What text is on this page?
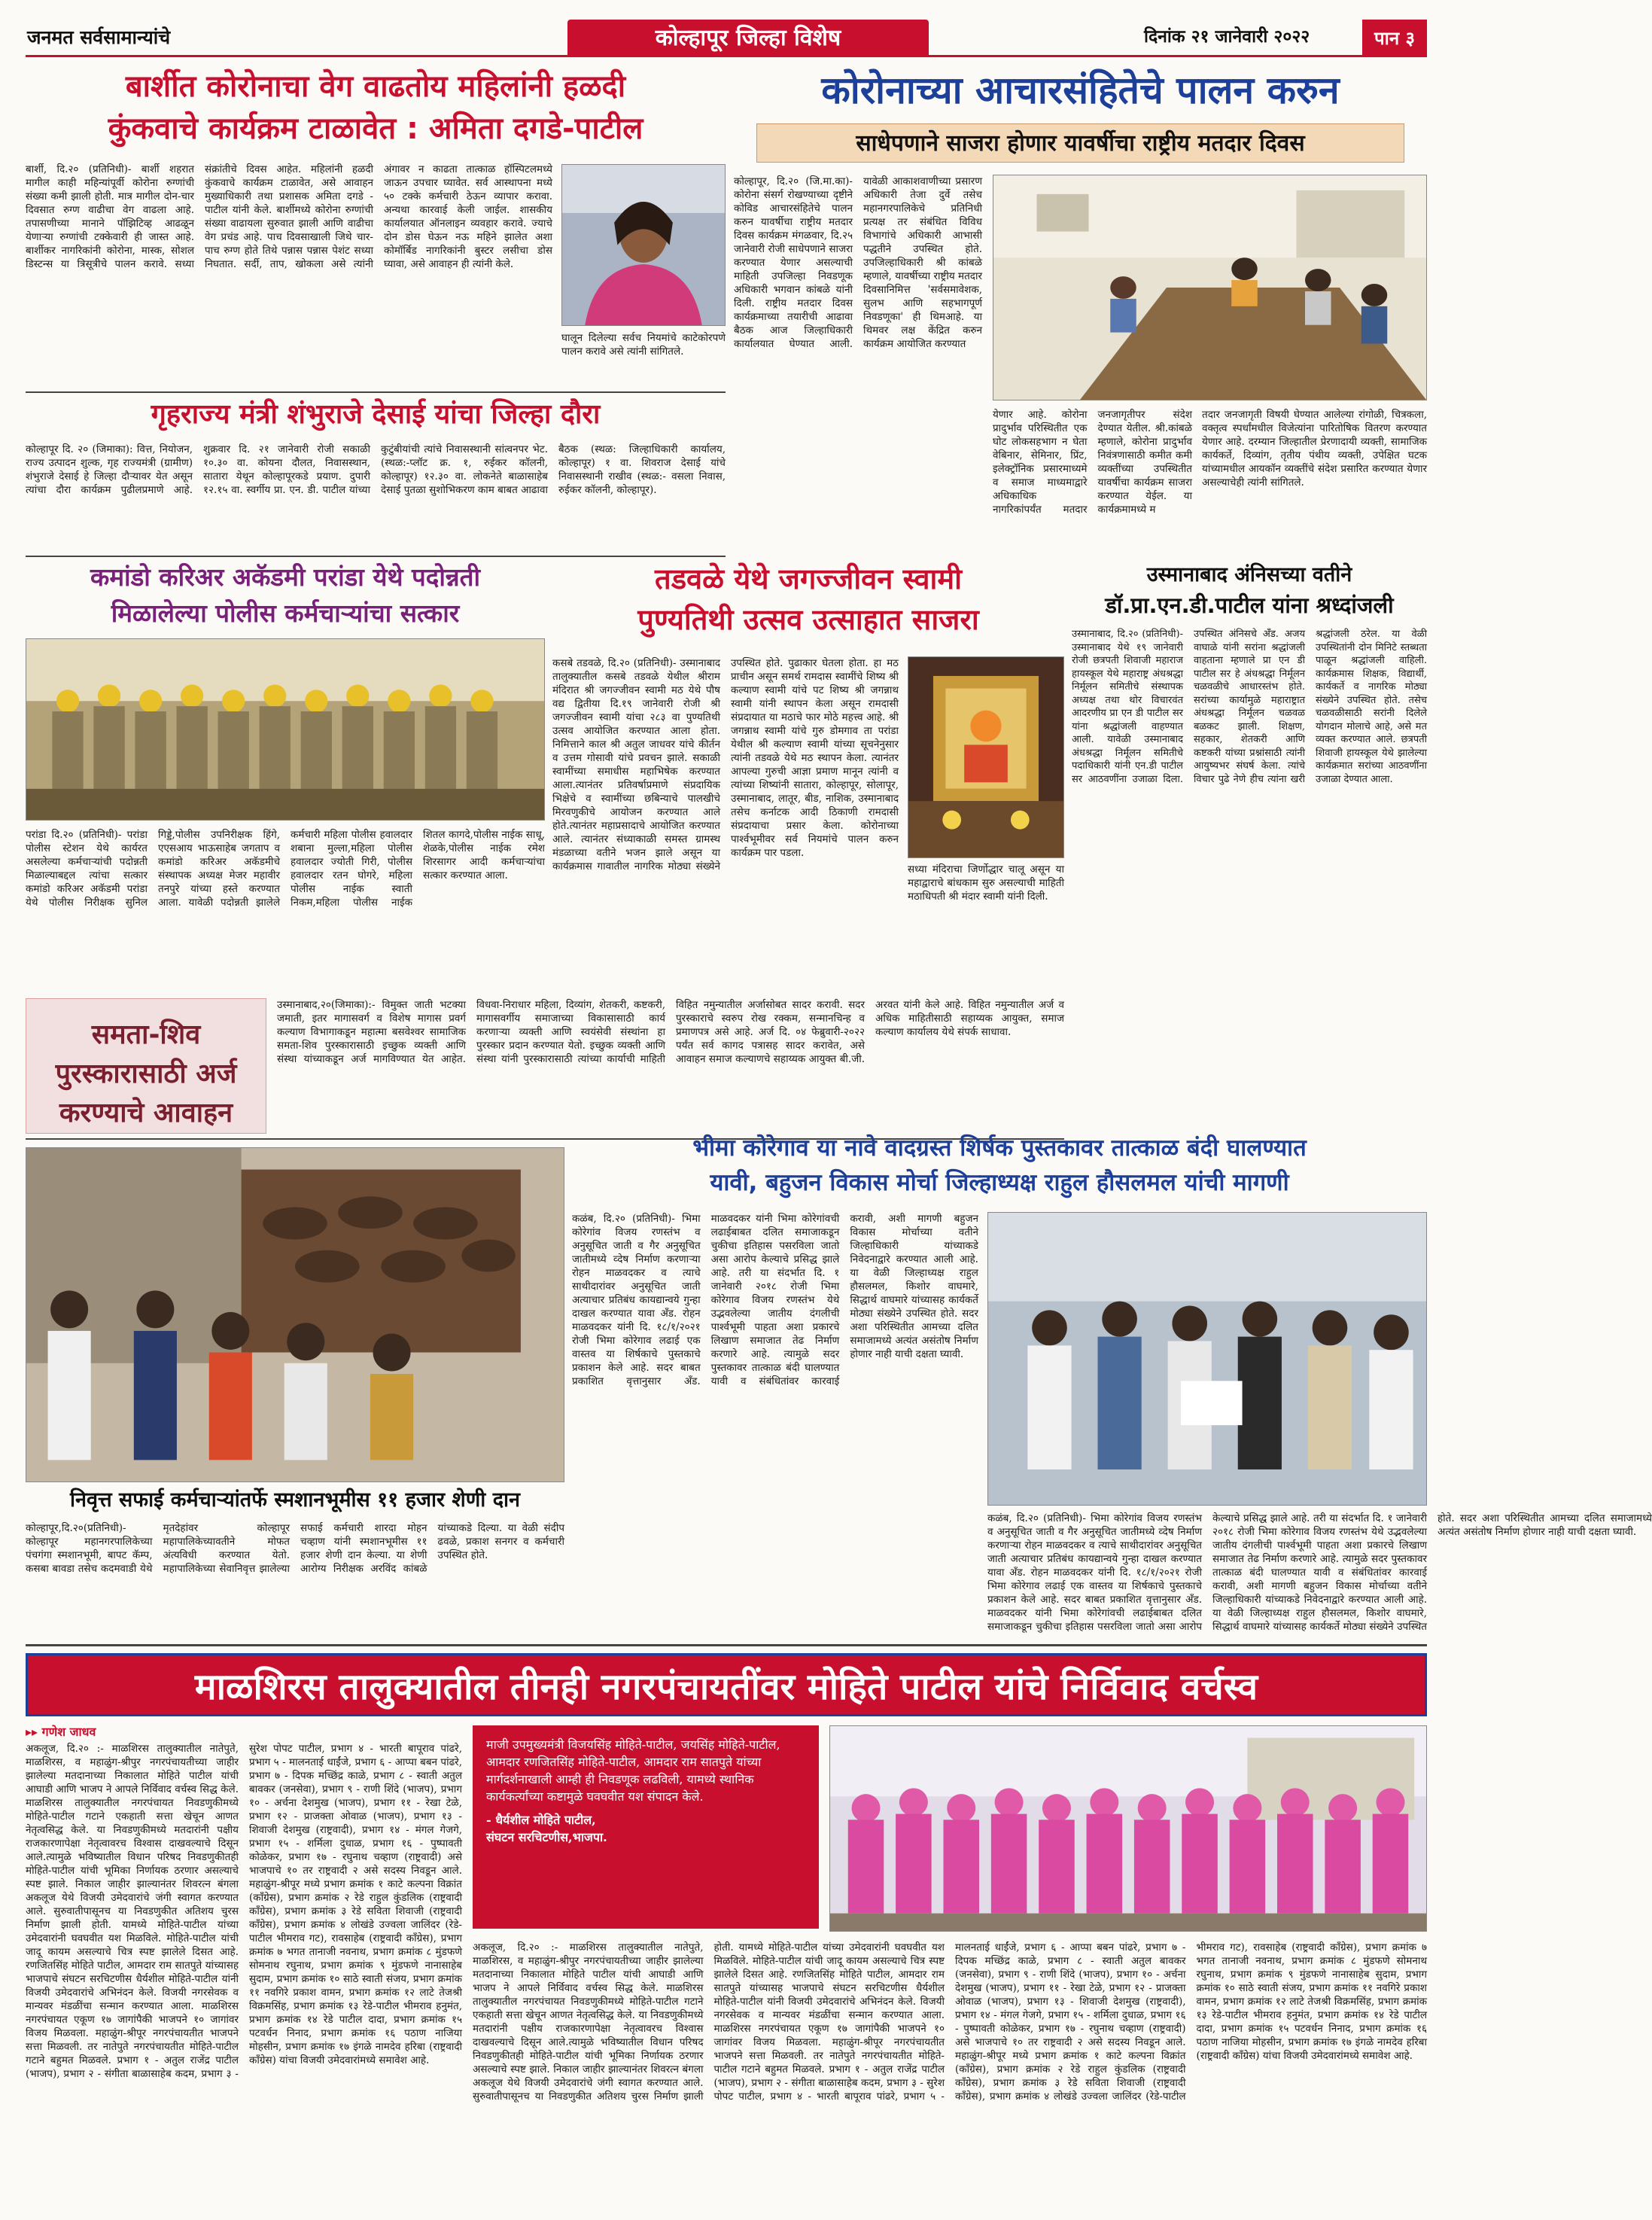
जनमत सर्वसामान्यांचे	कोल्हापूर जिल्हा विशेष	दिनांक २१ जानेवारी २०२२	पान ३
बार्शीत कोरोनाचा वेग वाढतोय महिलांनी हळदी
कुंकवाचे कार्यक्रम टाळावेत : अमिता दगडे-पाटील
बार्शी, दि.२० (प्रतिनिधी)- बार्शी शहरात मागील काही महिन्यांपूर्वी कोरोना रुग्णांची संख्या कमी झाली होती. मात्र मागील दोन-चार दिवसात रुग्ण वाढीचा वेग वाढला आहे. तपासणीच्या मानाने पॉझिटिव्ह आढळून येणाऱ्या रुग्णांची टक्केवारी ही जास्त आहे. बार्शीकर नागरिकांनी कोरोना, मास्क, सोशल डिस्टन्स या त्रिसूत्रीचे पालन करावे. सध्या संक्रांतीचे दिवस आहेत. महिलांनी हळदी कुंकवाचे कार्यक्रम टाळावेत, असे आवाहन मुख्याधिकारी तथा प्रशासक अमिता दगडे - पाटील यांनी केले. बार्शीमध्ये कोरोना रुग्णांची संख्या वाढायला सुरुवात झाली आणि वाढीचा वेग प्रचंड आहे. पाच दिवसाखाली जिथे चार-पाच रुग्ण होते तिथे पन्नास पन्नास पेशंट सध्या निघतात. सर्दी, ताप, खोकला असे त्यांनी अंगावर न काढता तात्काळ हॉस्पिटलमध्ये जाऊन उपचार घ्यावेत. सर्व आस्थापना मध्ये ५० टक्के कर्मचारी ठेऊन व्यापार करावा. अन्यथा कारवाई केली जाईल. शासकीय कार्यालयात ऑनलाइन व्यवहार करावे. ज्याचे दोन डोस घेऊन नऊ महिने झालेत अशा कोमॉर्बिड नागरिकांनी बुस्टर लसीचा डोस घ्यावा, असे आवाहन ही त्यांनी केले.
घालून दिलेल्या सर्वच नियमांचे काटेकोरपणे पालन करावे असे त्यांनी सांगितले.
गृहराज्य मंत्री शंभुराजे देसाई यांचा जिल्हा दौरा
कोल्हापूर दि. २० (जिमाका): वित्त, नियोजन, राज्य उत्पादन शुल्क, गृह राज्यमंत्री (ग्रामीण) शंभुराजे देसाई हे जिल्हा दौऱ्यावर येत असून त्यांचा दौरा कार्यक्रम पुढीलप्रमाणे आहे. शुक्रवार दि. २१ जानेवारी रोजी सकाळी १०.३० वा. कोयना दौलत, निवासस्थान, सातारा येथून कोल्हापूरकडे प्रयाण. दुपारी १२.१५ वा. स्वर्गीय प्रा. एन. डी. पाटील यांच्या कुटुंबीयांची त्यांचे निवासस्थानी सांत्वनपर भेट. (स्थळ:-प्लॉट क्र. १, रुईकर कॉलनी, कोल्हापूर) १२.३० वा. लोकनेते बाळासाहेब देसाई पुतळा सुशोभिकरण काम बाबत आढावा बैठक (स्थळ: जिल्हाधिकारी कार्यालय, कोल्हापूर) १ वा. शिवराज देसाई यांचे निवासस्थानी राखीव (स्थळ:- वसला निवास, रुईकर कॉलनी, कोल्हापूर).
कोरोनाच्या आचारसंहितेचे पालन करुन
साधेपणाने साजरा होणार यावर्षीचा राष्ट्रीय मतदार दिवस
कोल्हापूर, दि.२० (जि.मा.का)- कोरोना संसर्ग रोखण्याच्या दृष्टीने कोविड आचारसंहितेचे पालन करुन यावर्षीचा राष्ट्रीय मतदार दिवस कार्यक्रम मंगळवार, दि.२५ जानेवारी रोजी साधेपणाने साजरा करण्यात येणार असल्याची माहिती उपजिल्हा निवडणूक अधिकारी भगवान कांबळे यांनी दिली. राष्ट्रीय मतदार दिवस कार्यक्रमाच्या तयारीची आढावा बैठक आज जिल्हाधिकारी कार्यालयात घेण्यात आली. यावेळी आकाशवाणीच्या प्रसारण अधिकारी तेजा दुर्वे तसेच महानगरपालिकेचे प्रतिनिधी प्रत्यक्ष तर संबंधित विविध विभागांचे अधिकारी आभासी पद्धतीने उपस्थित होते. उपजिल्हाधिकारी श्री कांबळे म्हणाले, यावर्षीच्या राष्ट्रीय मतदार दिवसानिमित्त 'सर्वसमावेशक, सुलभ आणि सहभागपूर्ण निवडणूका' ही थिमआहे. या थिमवर लक्ष केंद्रित करुन कार्यक्रम आयोजित करण्यात
येणार आहे. कोरोना प्रादुर्भाव परिस्थितीत एक घोट लोकसहभाग न घेता वेबिनार, सेमिनार, प्रिंट, इलेक्ट्रॉनिक प्रसारमाध्यमे व समाज माध्यमाद्वारे अधिकाधिक नागरिकांपर्यंत मतदार जनजागृतीपर संदेश देण्यात येतील. श्री.कांबळे म्हणाले, कोरोना प्रादुर्भाव निवंत्रणासाठी कमीत कमी व्यक्तींच्या उपस्थितीत यावर्षीचा कार्यक्रम साजरा करण्यात येईल. या कार्यक्रमामध्ये म
तदार जनजागृती विषयी घेण्यात आलेल्या रांगोळी, चित्रकला, वक्तृत्व स्पर्धांमधील विजेत्यांना पारितोषिक वितरण करण्यात येणार आहे. दरम्यान जिल्हातील प्रेरणादायी व्यक्ती, सामाजिक कार्यकर्ते, दिव्यांग, तृतीय पंथीय व्यक्ती, उपेक्षित घटक यांच्यामधील आयकॉन व्यक्तींचे संदेश प्रसारित करण्यात येणार असल्याचेही त्यांनी सांगितले.
कमांडो करिअर अकॅडमी परांडा येथे पदोन्नती
मिळालेल्या पोलीस कर्मचाऱ्यांचा सत्कार
परांडा दि.२० (प्रतिनिधी)- परांडा पोलीस स्टेशन येथे कार्यरत असलेल्या कर्मचाऱ्यांची पदोन्नती मिळाल्याबद्दल त्यांचा सत्कार कमांडो करिअर अकॅडमी परांडा येथे पोलीस निरीक्षक सुनिल गिड्डे,पोलीस उपनिरीक्षक हिंगे, एएसआय भाऊसाहेब जगताप व कमांडो करिअर अकॅडमीचे संस्थापक अध्यक्ष मेजर महावीर तनपुरे यांच्या हस्ते करण्यात आला. यावेळी पदोन्नती झालेले कर्मचारी महिला पोलीस हवालदार शबाना मुल्ला,महिला पोलीस हवालदार ज्योती गिरी, पोलीस हवालदार रतन घोगरे, महिला पोलीस नाईक स्वाती निकम,महिला पोलीस नाईक शितल कागदे,पोलीस नाईक साधू, शेळके,पोलीस नाईक रमेश शिरसागर आदी कर्मचाऱ्यांचा सत्कार करण्यात आला.
तडवळे येथे जगज्जीवन स्वामी
पुण्यतिथी उत्सव उत्साहात साजरा
कसबे तडवळे, दि.२० (प्रतिनिधी)- उस्मानाबाद तालुक्यातील कसबे तडवळे येथील श्रीराम मंदिरात श्री जगज्जीवन स्वामी मठ येथे पौष वद्य द्वितीया दि.१९ जानेवारी रोजी श्री जगज्जीवन स्वामी यांचा २८३ वा पुण्यतिथी उत्सव आयोजित करण्यात आला होता. निमित्ताने काल श्री अतुल जाधवर यांचे कीर्तन व उत्तम गोसावी यांचे प्रवचन झाले. सकाळी स्वामींच्या समाधीस महाभिषेक करण्यात आला.त्यानंतर प्रतिवर्षाप्रमाणे संप्रदायिक भिक्षेचे व स्वामींच्या छबिन्याचे पालखीचे मिरवणुकीचे आयोजन करण्यात आले होते.त्यानंतर महाप्रसादाचे आयोजित करण्यात आले. त्यानंतर संध्याकाळी समस्त ग्रामस्थ मंडळाच्या वतीने भजन झाले असून या कार्यक्रमास गावातील नागरिक मोठ्या संख्येने उपस्थित होते. पुढाकार घेतला होता. हा मठ प्राचीन असून समर्थ रामदास स्वामींचे शिष्य श्री कल्याण स्वामी यांचे पट शिष्य श्री जगन्नाथ स्वामी यांनी स्थापन केला असून रामदासी संप्रदायात या मठाचे फार मोठे महत्त्व आहे. श्री जगन्नाथ स्वामी यांचे गुरु डोमगाव ता परांडा येथील श्री कल्याण स्वामी यांच्या सूचनेनुसार त्यांनी तडवळे येथे मठ स्थापन केला. त्यानंतर आपल्या गुरुची आज्ञा प्रमाण मानून त्यांनी व त्यांच्या शिष्यांनी सातारा, कोल्हापूर, सोलापूर, उस्मानाबाद, लातूर, बीड, नाशिक, उस्मानाबाद तसेच कर्नाटक आदी ठिकाणी रामदासी संप्रदायाचा प्रसार केला. कोरोनाच्या पार्श्वभूमीवर सर्व नियमांचे पालन करुन कार्यक्रम पार पडला.
सध्या मंदिराचा जिर्णोद्धार चालू असून या महाद्वाराचे बांधकाम सुरु असल्याची माहिती मठाधिपती श्री मंदार स्वामी यांनी दिली.
उस्मानाबाद अंनिसच्या वतीने
डॉ.प्रा.एन.डी.पाटील यांना श्रध्दांजली
उस्मानाबाद, दि.२० (प्रतिनिधी)- उस्मानाबाद येथे १९ जानेवारी रोजी छत्रपती शिवाजी महाराज हायस्कूल येथे महाराष्ट्र अंधश्रद्धा निर्मूलन समितीचे संस्थापक अध्यक्ष तथा थोर विचारवंत आदरणीय प्रा एन डी पाटील सर यांना श्रद्धांजली वाहण्यात आली. यावेळी उस्मानाबाद अंधश्रद्धा निर्मूलन समितीचे पदाधिकारी यांनी एन.डी पाटील सर आठवणींना उजाळा दिला. उपस्थित अंनिसचे अँड. अजय वाघाळे यांनी सरांना श्रद्धांजली वाहताना म्हणाले प्रा एन डी पाटील सर हे अंधश्रद्धा निर्मूलन चळवळीचे आधारस्तंभ होते. सरांच्या कार्यामुळे महाराष्ट्रात अंधश्रद्धा निर्मूलन चळवळ बळकट झाली. शिक्षण, सहकार, शेतकरी आणि कष्टकरी यांच्या प्रश्नांसाठी त्यांनी आयुष्यभर संघर्ष केला. त्यांचे विचार पुढे नेणे हीच त्यांना खरी श्रद्धांजली ठरेल. या वेळी उपस्थितांनी दोन मिनिटे स्तब्धता पाळून श्रद्धांजली वाहिली. कार्यक्रमास शिक्षक, विद्यार्थी, कार्यकर्ते व नागरिक मोठ्या संख्येने उपस्थित होते. तसेच चळवळीसाठी सरांनी दिलेले योगदान मोलाचे आहे, असे मत व्यक्त करण्यात आले. छत्रपती शिवाजी हायस्कूल येथे झालेल्या कार्यक्रमात सरांच्या आठवणींना उजाळा देण्यात आला.
समता-शिव पुरस्कारासाठी अर्ज करण्याचे आवाहन
उस्मानाबाद,२०(जिमाका):- विमुक्त जाती भटक्या जमाती, इतर मागासवर्ग व विशेष मागास प्रवर्ग कल्याण विभागाकडून महात्मा बसवेश्वर सामाजिक समता-शिव पुरस्कारासाठी इच्छुक व्यक्ती आणि संस्था यांच्याकडून अर्ज मागविण्यात येत आहेत. विधवा-निराधार महिला, दिव्यांग, शेतकरी, कष्टकरी, मागासवर्गीय समाजाच्या विकासासाठी कार्य करणाऱ्या व्यक्ती आणि स्वयंसेवी संस्थांना हा पुरस्कार प्रदान करण्यात येतो. इच्छुक व्यक्ती आणि संस्था यांनी पुरस्कारासाठी त्यांच्या कार्याची माहिती विहित नमुन्यातील अर्जासोबत सादर करावी. सदर पुरस्काराचे स्वरुप रोख रक्कम, सन्मानचिन्ह व प्रमाणपत्र असे आहे. अर्ज दि. ०४ फेब्रुवारी-२०२२ पर्यंत सर्व कागद पत्रासह सादर करावेत, असे आवाहन समाज कल्याणचे सहाय्यक आयुक्त बी.जी. अरवत यांनी केले आहे. विहित नमुन्यातील अर्ज व अधिक माहितीसाठी सहाय्यक आयुक्त, समाज कल्याण कार्यालय येथे संपर्क साधावा.
भीमा कोरेगाव या नावे वादग्रस्त शिर्षक पुस्तकावर तात्काळ बंदी घालण्यात
यावी, बहुजन विकास मोर्चा जिल्हाध्यक्ष राहुल हौसलमल यांची मागणी
कळंब, दि.२० (प्रतिनिधी)- भिमा कोरेगांव विजय रणस्तंभ व अनुसूचित जाती व गैर अनुसूचित जातीमध्ये व्देष निर्माण करणाऱ्या रोहन माळवदकर व त्याचे साथीदारांवर अनुसूचित जाती अत्याचार प्रतिबंध कायद्यान्वये गुन्हा दाखल करण्यात यावा अँड. रोहन माळवदकर यांनी दि. १८/१/२०२१ रोजी भिमा कोरेगाव लढाई एक वास्तव या शिर्षकाचे पुस्तकाचे प्रकाशन केले आहे. सदर बाबत प्रकाशित वृत्तानुसार अँड. माळवदकर यांनी भिमा कोरेगांवची लढाईबाबत दलित समाजाकडून चुकीचा इतिहास पसरविला जातो असा आरोप केल्याचे प्रसिद्ध झाले आहे. तरी या संदर्भात दि. १ जानेवारी २०१८ रोजी भिमा कोरेगाव विजय रणस्तंभ येथे उद्भवलेल्या जातीय दंगलीची पार्श्वभूमी पाहता अशा प्रकारचे लिखाण समाजात तेढ निर्माण करणारे आहे. त्यामुळे सदर पुस्तकावर तात्काळ बंदी घालण्यात यावी व संबंधितांवर कारवाई करावी, अशी मागणी बहुजन विकास मोर्चाच्या वतीने जिल्हाधिकारी यांच्याकडे निवेदनाद्वारे करण्यात आली आहे. या वेळी जिल्हाध्यक्ष राहुल हौसलमल, किशोर वाघमारे, सिद्धार्थ वाघमारे यांच्यासह कार्यकर्ते मोठ्या संख्येने उपस्थित होते. सदर अशा परिस्थितीत आमच्या दलित समाजामध्ये अत्यंत असंतोष निर्माण होणार नाही याची दक्षता घ्यावी.
कळंब, दि.२० (प्रतिनिधी)- भिमा कोरेगांव विजय रणस्तंभ व अनुसूचित जाती व गैर अनुसूचित जातीमध्ये व्देष निर्माण करणाऱ्या रोहन माळवदकर व त्याचे साथीदारांवर अनुसूचित जाती अत्याचार प्रतिबंध कायद्यान्वये गुन्हा दाखल करण्यात यावा अँड. रोहन माळवदकर यांनी दि. १८/१/२०२१ रोजी भिमा कोरेगाव लढाई एक वास्तव या शिर्षकाचे पुस्तकाचे प्रकाशन केले आहे. सदर बाबत प्रकाशित वृत्तानुसार अँड. माळवदकर यांनी भिमा कोरेगांवची लढाईबाबत दलित समाजाकडून चुकीचा इतिहास पसरविला जातो असा आरोप केल्याचे प्रसिद्ध झाले आहे. तरी या संदर्भात दि. १ जानेवारी २०१८ रोजी भिमा कोरेगाव विजय रणस्तंभ येथे उद्भवलेल्या जातीय दंगलीची पार्श्वभूमी पाहता अशा प्रकारचे लिखाण समाजात तेढ निर्माण करणारे आहे. त्यामुळे सदर पुस्तकावर तात्काळ बंदी घालण्यात यावी व संबंधितांवर कारवाई करावी, अशी मागणी बहुजन विकास मोर्चाच्या वतीने जिल्हाधिकारी यांच्याकडे निवेदनाद्वारे करण्यात आली आहे. या वेळी जिल्हाध्यक्ष राहुल हौसलमल, किशोर वाघमारे, सिद्धार्थ वाघमारे यांच्यासह कार्यकर्ते मोठ्या संख्येने उपस्थित होते. सदर अशा परिस्थितीत आमच्या दलित समाजामध्ये अत्यंत असंतोष निर्माण होणार नाही याची दक्षता घ्यावी.
निवृत्त सफाई कर्मचाऱ्यांतर्फे स्मशानभूमीस ११ हजार शेणी दान
कोल्हापूर,दि.२०(प्रतिनिधी)- कोल्हापूर महानगरपालिकेच्या पंचगंगा स्मशानभूमी, बापट कॅम्प, कसबा बावडा तसेच कदमवाडी येथे मृतदेहांवर कोल्हापूर महापालिकेच्यावतीने मोफत अंत्यविधी करण्यात येतो. महापालिकेच्या सेवानिवृत्त झालेल्या सफाई कर्मचारी शारदा मोहन चव्हाण यांनी स्मशानभूमीस ११ हजार शेणी दान केल्या. या शेणी आरोग्य निरीक्षक अरविंद कांबळे यांच्याकडे दिल्या. या वेळी संदीप ढवळे, प्रकाश सनगर व कर्मचारी उपस्थित होते.
माळशिरस तालुक्यातील तीनही नगरपंचायतींवर मोहिते पाटील यांचे निर्विवाद वर्चस्व
▸▸ गणेश जाधव
अकलूज, दि.२० :- माळशिरस तालुक्यातील नातेपुते, माळशिरस, व महाळुंग-श्रीपुर नगरपंचायतीच्या जाहीर झालेल्या मतदानाच्या निकालात मोहिते पाटील यांची आघाडी आणि भाजप ने आपले निर्विवाद वर्चस्व सिद्ध केले. माळशिरस तालुक्यातील नगरपंचायत निवडणुकीमध्ये मोहिते-पाटील गटाने एकहाती सत्ता खेचून आणत नेतृत्वसिद्ध केले. या निवडणुकीमध्ये मतदारांनी पक्षीय राजकारणापेक्षा नेतृत्वावरच विश्वास दाखवल्याचे दिसून आले.त्यामुळे भविष्यातील विधान परिषद निवडणुकीतही मोहिते-पाटील यांची भूमिका निर्णायक ठरणार असल्याचे स्पष्ट झाले. निकाल जाहीर झाल्यानंतर शिवरत्न बंगला अकलूज येथे विजयी उमेदवारांचे जंगी स्वागत करण्यात आले. सुरुवातीपासूनच या निवडणुकीत अतिशय चुरस निर्माण झाली होती. यामध्ये मोहिते-पाटील यांच्या उमेदवारांनी घवघवीत यश मिळविले. मोहिते-पाटील यांची जादू कायम असल्याचे चित्र स्पष्ट झालेले दिसत आहे. रणजितसिंह मोहिते पाटील, आमदार राम सातपुते यांच्यासह भाजपाचे संघटन सरचिटणीस धैर्यशील मोहिते-पाटील यांनी विजयी उमेदवारांचे अभिनंदन केले. विजयी नगरसेवक व मान्यवर मंडळींचा सन्मान करण्यात आला. माळशिरस नगरपंचायत एकूण १७ जागांपैकी भाजपने १० जागांवर विजय मिळवला. महाळुंग-श्रीपूर नगरपंचायतीत भाजपने सत्ता मिळवली. तर नातेपुते नगरपंचायतीत मोहिते-पाटील गटाने बहुमत मिळवले. प्रभाग १ - अतुल राजेंद्र पाटील (भाजप), प्रभाग २ - संगीता बाळासाहेब कदम, प्रभाग ३ - सुरेश पोपट पाटील, प्रभाग ४ - भारती बापूराव पांढरे, प्रभाग ५ - मालनताई धाईंजे, प्रभाग ६ - आप्पा बबन पांढरे, प्रभाग ७ - दिपक मच्छिंद्र काळे, प्रभाग ८ - स्वाती अतुल बावकर (जनसेवा), प्रभाग ९ - राणी शिंदे (भाजप), प्रभाग १० - अर्चना देशमुख (भाजप), प्रभाग ११ - रेखा टेळे, प्रभाग १२ - प्राजक्ता ओवाळ (भाजप), प्रभाग १३ - शिवाजी देशमुख (राष्ट्रवादी), प्रभाग १४ - मंगल गेजगे, प्रभाग १५ - शर्मिला दुधाळ, प्रभाग १६ - पुष्पावती कोळेकर, प्रभाग १७ - रघुनाथ चव्हाण (राष्ट्रवादी) असे भाजपाचे १० तर राष्ट्रवादी २ असे सदस्य निवडून आले. महाळुंग-श्रीपूर मध्ये प्रभाग क्रमांक १ काटे कल्पना विक्रांत (कॉंग्रेस), प्रभाग क्रमांक २ रेडे राहुल कुंडलिक (राष्ट्रवादी काँग्रेस), प्रभाग क्रमांक ३ रेडे सविता शिवाजी (राष्ट्रवादी कॉंग्रेस), प्रभाग क्रमांक ४ लोखंडे उज्वला जालिंदर (रेडे-पाटील भीमराव गट), रावसाहेब (राष्ट्रवादी काँग्रेस), प्रभाग क्रमांक ७ भगत तानाजी नवनाथ, प्रभाग क्रमांक ८ मुंडफणे सोमनाथ रघुनाथ, प्रभाग क्रमांक ९ मुंडफणे नानासाहेब सुदाम, प्रभाग क्रमांक १० साठे स्वाती संजय, प्रभाग क्रमांक ११ नवगिरे प्रकाश वामन, प्रभाग क्रमांक १२ लाटे तेजश्री विक्रमसिंह, प्रभाग क्रमांक १३ रेडे-पाटील भीमराव हनुमंत, प्रभाग क्रमांक १४ रेडे पाटील दादा, प्रभाग क्रमांक १५ पटवर्धन निनाद, प्रभाग क्रमांक १६ पठाण नाजिया मोहसीन, प्रभाग क्रमांक १७ इंगळे नामदेव हरिबा (राष्ट्रवादी काँग्रेस) यांचा विजयी उमेदवारांमध्ये समावेश आहे.
माजी उपमुख्यमंत्री विजयसिंह मोहिते-पाटील, जयसिंह मोहिते-पाटील, आमदार रणजितसिंह मोहिते-पाटील, आमदार राम सातपुते यांच्या मार्गदर्शनाखाली आम्ही ही निवडणूक लढविली, यामध्ये स्थानिक कार्यकर्त्यांच्या कष्टामुळे घवघवीत यश संपादन केले.
- धैर्यशील मोहिते पाटील,
संघटन सरचिटणीस,भाजपा.
अकलूज, दि.२० :- माळशिरस तालुक्यातील नातेपुते, माळशिरस, व महाळुंग-श्रीपुर नगरपंचायतीच्या जाहीर झालेल्या मतदानाच्या निकालात मोहिते पाटील यांची आघाडी आणि भाजप ने आपले निर्विवाद वर्चस्व सिद्ध केले. माळशिरस तालुक्यातील नगरपंचायत निवडणुकीमध्ये मोहिते-पाटील गटाने एकहाती सत्ता खेचून आणत नेतृत्वसिद्ध केले. या निवडणुकीमध्ये मतदारांनी पक्षीय राजकारणापेक्षा नेतृत्वावरच विश्वास दाखवल्याचे दिसून आले.त्यामुळे भविष्यातील विधान परिषद निवडणुकीतही मोहिते-पाटील यांची भूमिका निर्णायक ठरणार असल्याचे स्पष्ट झाले. निकाल जाहीर झाल्यानंतर शिवरत्न बंगला अकलूज येथे विजयी उमेदवारांचे जंगी स्वागत करण्यात आले. सुरुवातीपासूनच या निवडणुकीत अतिशय चुरस निर्माण झाली होती. यामध्ये मोहिते-पाटील यांच्या उमेदवारांनी घवघवीत यश मिळविले. मोहिते-पाटील यांची जादू कायम असल्याचे चित्र स्पष्ट झालेले दिसत आहे. रणजितसिंह मोहिते पाटील, आमदार राम सातपुते यांच्यासह भाजपाचे संघटन सरचिटणीस धैर्यशील मोहिते-पाटील यांनी विजयी उमेदवारांचे अभिनंदन केले. विजयी नगरसेवक व मान्यवर मंडळींचा सन्मान करण्यात आला. माळशिरस नगरपंचायत एकूण १७ जागांपैकी भाजपने १० जागांवर विजय मिळवला. महाळुंग-श्रीपूर नगरपंचायतीत भाजपने सत्ता मिळवली. तर नातेपुते नगरपंचायतीत मोहिते-पाटील गटाने बहुमत मिळवले. प्रभाग १ - अतुल राजेंद्र पाटील (भाजप), प्रभाग २ - संगीता बाळासाहेब कदम, प्रभाग ३ - सुरेश पोपट पाटील, प्रभाग ४ - भारती बापूराव पांढरे, प्रभाग ५ - मालनताई धाईंजे, प्रभाग ६ - आप्पा बबन पांढरे, प्रभाग ७ - दिपक मच्छिंद्र काळे, प्रभाग ८ - स्वाती अतुल बावकर (जनसेवा), प्रभाग ९ - राणी शिंदे (भाजप), प्रभाग १० - अर्चना देशमुख (भाजप), प्रभाग ११ - रेखा टेळे, प्रभाग १२ - प्राजक्ता ओवाळ (भाजप), प्रभाग १३ - शिवाजी देशमुख (राष्ट्रवादी), प्रभाग १४ - मंगल गेजगे, प्रभाग १५ - शर्मिला दुधाळ, प्रभाग १६ - पुष्पावती कोळेकर, प्रभाग १७ - रघुनाथ चव्हाण (राष्ट्रवादी) असे भाजपाचे १० तर राष्ट्रवादी २ असे सदस्य निवडून आले. महाळुंग-श्रीपूर मध्ये प्रभाग क्रमांक १ काटे कल्पना विक्रांत (कॉंग्रेस), प्रभाग क्रमांक २ रेडे राहुल कुंडलिक (राष्ट्रवादी काँग्रेस), प्रभाग क्रमांक ३ रेडे सविता शिवाजी (राष्ट्रवादी कॉंग्रेस), प्रभाग क्रमांक ४ लोखंडे उज्वला जालिंदर (रेडे-पाटील भीमराव गट), रावसाहेब (राष्ट्रवादी काँग्रेस), प्रभाग क्रमांक ७ भगत तानाजी नवनाथ, प्रभाग क्रमांक ८ मुंडफणे सोमनाथ रघुनाथ, प्रभाग क्रमांक ९ मुंडफणे नानासाहेब सुदाम, प्रभाग क्रमांक १० साठे स्वाती संजय, प्रभाग क्रमांक ११ नवगिरे प्रकाश वामन, प्रभाग क्रमांक १२ लाटे तेजश्री विक्रमसिंह, प्रभाग क्रमांक १३ रेडे-पाटील भीमराव हनुमंत, प्रभाग क्रमांक १४ रेडे पाटील दादा, प्रभाग क्रमांक १५ पटवर्धन निनाद, प्रभाग क्रमांक १६ पठाण नाजिया मोहसीन, प्रभाग क्रमांक १७ इंगळे नामदेव हरिबा (राष्ट्रवादी काँग्रेस) यांचा विजयी उमेदवारांमध्ये समावेश आहे.
